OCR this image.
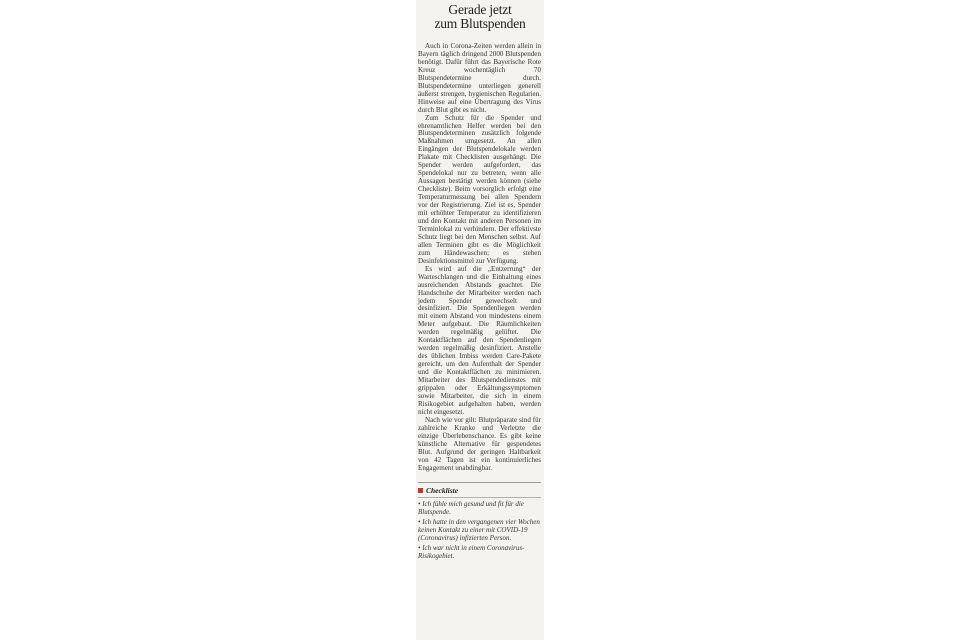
Gerade jetzt
zum Blutspenden

Auch in Corona-Zeiten werden allein in Bayern täglich dringend 2000 Blutspenden benötigt. Dafür führt das Bayerische Rote Kreuz wochentäglich 70 Blutspendetermine durch. Blutspendetermine unterliegen generell äußerst strengen, hygienischen Regularien. Hinweise auf eine Übertragung des Virus durch Blut gibt es nicht.

Zum Schutz für die Spender und ehrenamtlichen Helfer werden bei den Blutspendeterminen zusätzlich folgende Maßnahmen umgesetzt. An allen Eingängen der Blutspendelokale werden Plakate mit Checklisten ausgehängt. Die Spender werden aufgefordert, das Spendelokal nur zu betreten, wenn alle Aussagen bestätigt werden können (siehe Checkliste). Beim vorsorglich erfolgt eine Temperaturmessung bei allen Spendern vor der Registrierung. Ziel ist es, Spender mit erhöhter Temperatur zu identifizieren und den Kontakt mit anderen Personen im Terminlokal zu verhindern. Der effektivste Schutz liegt bei den Menschen selbst. Auf allen Terminen gibt es die Möglichkeit zum Händewaschen; es stehen Desinfektionsmittel zur Verfügung.

Es wird auf die „Entzerrung“ der Warteschlangen und die Einhaltung eines ausreichenden Abstands geachtet. Die Handschuhe der Mitarbeiter werden nach jedem Spender gewechselt und desinfiziert. Die Spendenliegen werden mit einem Abstand von mindestens einem Meter aufgebaut. Die Räumlichkeiten werden regelmäßig gelüftet. Die Kontaktflächen auf den Spendenliegen werden regelmäßig desinfiziert. Anstelle des üblichen Imbiss werden Care-Pakete gereicht, um den Aufenthalt der Spender und die Kontaktflächen zu minimieren. Mitarbeiter des Blutspendedienstes mit grippalen oder Erkältungssymptomen sowie Mitarbeiter, die sich in einem Risikogebiet aufgehalten haben, werden nicht eingesetzt.

Nach wie vor gilt: Blutpräparate sind für zahlreiche Kranke und Verletzte die einzige Überlebenschance. Es gibt keine künstliche Alternative für gespendetes Blut. Aufgrund der geringen Haltbarkeit von 42 Tagen ist ein kontinuierliches Engagement unabdingbar.

Checkliste

• Ich fühle mich gesund und fit für die Blutspende.

• Ich hatte in den vergangenen vier Wochen keinen Kontakt zu einer mit COVID-19 (Coronavirus) infizierten Person.

• Ich war nicht in einem Coronavirus-Risikogebiet.
